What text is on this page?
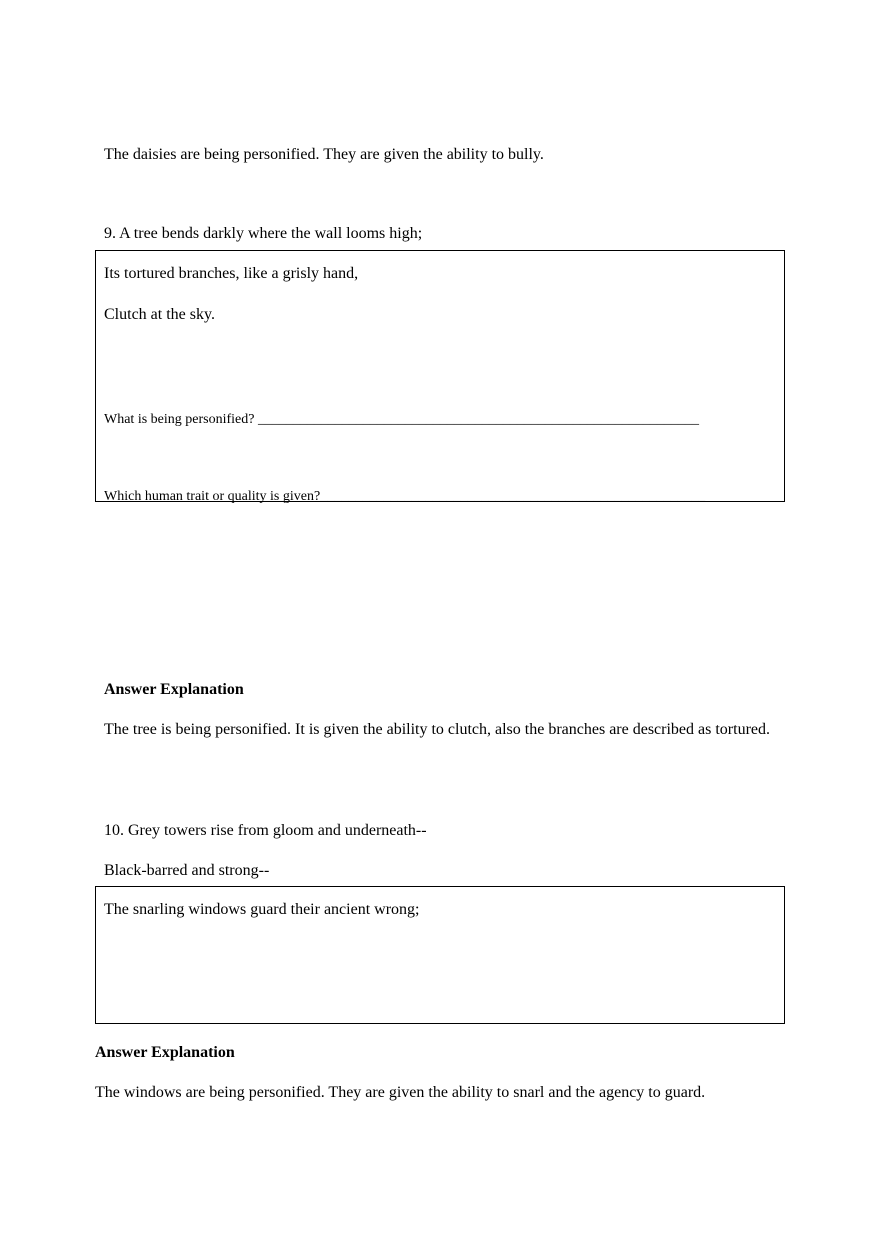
The daisies are being personified. They are given the ability to bully.
9. A tree bends darkly where the wall looms high;
Its tortured branches, like a grisly hand,
Clutch at the sky.
What is being personified? _______________________________________________________________
Which human trait or quality is given?_______________________________________________________
Answer Explanation
The tree is being personified. It is given the ability to clutch, also the branches are described as tortured.
10. Grey towers rise from gloom and underneath--
Black-barred and strong--
The snarling windows guard their ancient wrong;
Answer Explanation
The windows are being personified. They are given the ability to snarl and the agency to guard.
